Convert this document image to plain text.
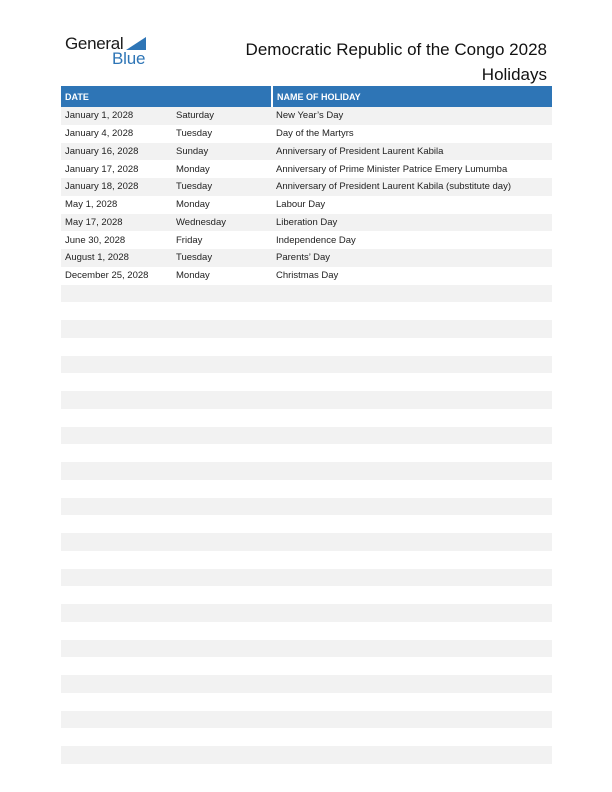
General
Blue	Democratic Republic of the Congo 2028 Holidays
DATE		NAME OF HOLIDAY
January 1, 2028	Saturday	New Year’s Day
January 4, 2028	Tuesday	Day of the Martyrs
January 16, 2028	Sunday	Anniversary of President Laurent Kabila
January 17, 2028	Monday	Anniversary of Prime Minister Patrice Emery Lumumba
January 18, 2028	Tuesday	Anniversary of President Laurent Kabila (substitute day)
May 1, 2028	Monday	Labour Day
May 17, 2028	Wednesday	Liberation Day
June 30, 2028	Friday	Independence Day
August 1, 2028	Tuesday	Parents’ Day
December 25, 2028	Monday	Christmas Day
